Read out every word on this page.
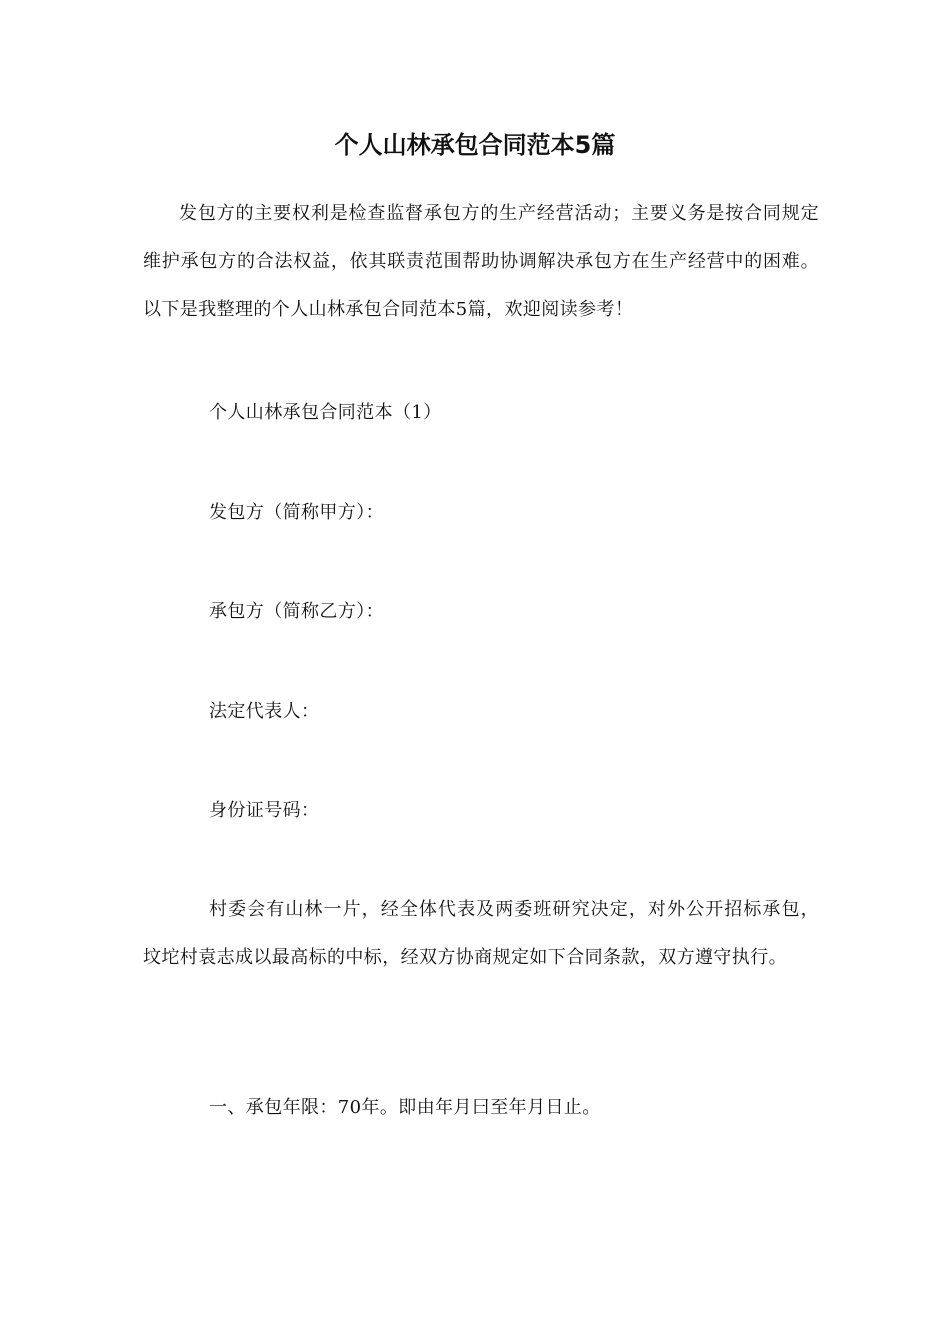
个人山林承包合同范本5篇

发包方的主要权利是检查监督承包方的生产经营活动；主要义务是按合同规定维护承包方的合法权益，依其联责范围帮助协调解决承包方在生产经营中的困难。以下是我整理的个人山林承包合同范本5篇，欢迎阅读参考！

个人山林承包合同范本（1）

发包方（简称甲方）：

承包方（简称乙方）：

法定代表人：

身份证号码：

村委会有山林一片，经全体代表及两委班研究决定，对外公开招标承包， 坟坨村袁志成以最高标的中标，经双方协商规定如下合同条款，双方遵守执行。

一、承包年限：70年。即由年月曰至年月日止。
